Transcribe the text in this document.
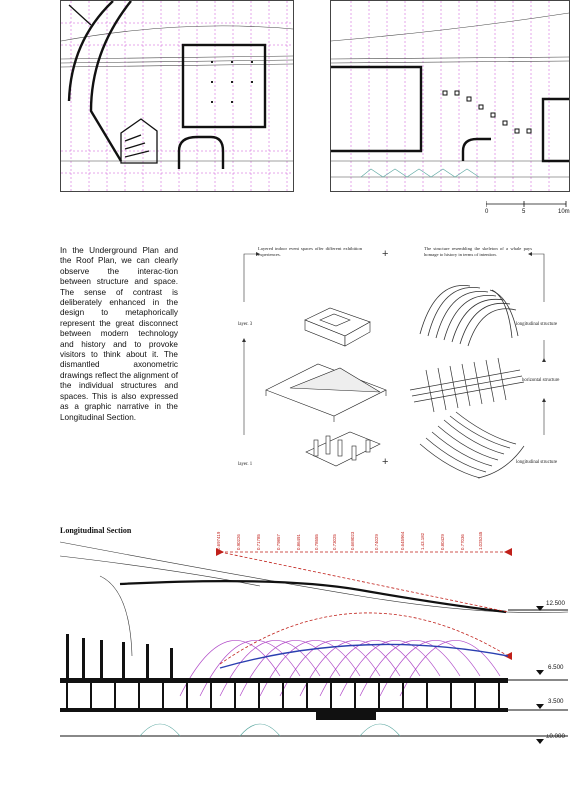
0	5	10m
In the Underground Plan and the Roof Plan, we can clearly observe the interac-tion between structure and space. The sense of contrast is deliberately enhanced in the design to metaphorically represent the great disconnect between modern technology and history and to provoke visitors to think about it. The dismantled axonometric drawings reflect the alignment of the individual structures and spaces. This is also expressed as a graphic narrative in the Longitudinal Section.
Layered indoor event spaces offer different exhibition experiences.
The structure resembling the skeleton of a whale pays homage to history in terms of intention.
+
+
layer. 3
layer. 1
longitudinal structure
horizontal structure
longitudinal structure
Longitudinal Section
0.697419	0.90226	0.71785	0.79857	0.86491	0.78555	0.73025	0.669023	0.74029	0.645964	1.43.182	0.80429	0.77036	1.025245
12.500
6.500
3.500
±0.000
